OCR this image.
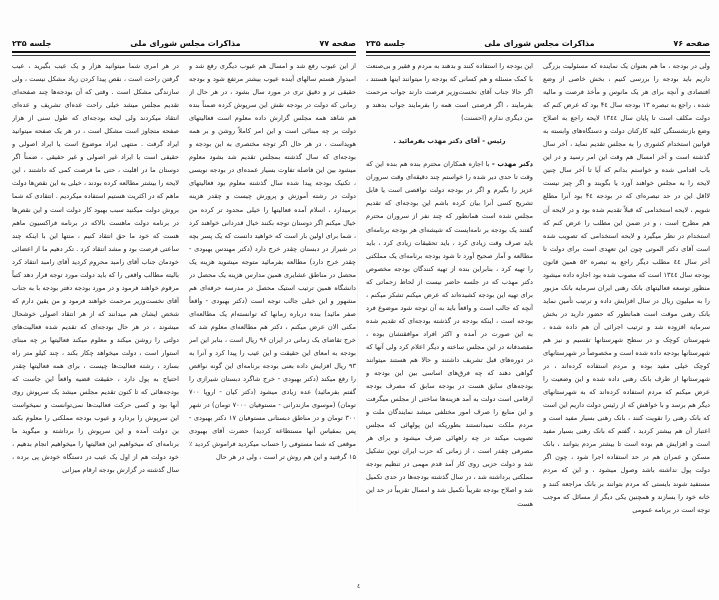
صفحه ۷۷
مذاکرات مجلس شورای ملی
جلسه ۲۳۵

از این عیوب رفع شد و امسال هم عیوب دیگری رفع شد و امیدوار هستم سالهای آینده عیوب بیشتر مرتفع شود و بودجه حقیقی تر و دقیق تری در مورد سال بشود ، در هر حال از زمانی که دولت در بودجه نقش این سرپوش کرده ضمناً بنده هم شاهد همه مجلس گزارش داده معلوم است فعالیتهای دولت بر چه مبنائی است و این امر کاملاً روشن و بر همه هویداست ، در هر حال اگر توجه مختصری به این بودجه و بودجه‌ای که سال گذشته بمجلس تقدیم شد بشود معلوم میشود بین این فاصله تفاوت بسیار عمده‌ای در بودجه نویسی ، تکنیک بودجه پیدا شده سال گذشته معلوم بود فعالیتهای دولت در رشته آموزش و پرورش چیست و چقدر هزینه برمیدارد ، اسلام آمده فعالیتها را خیلی محدود تر کرده من خیال میکنم اگر دوستان توجه بکنند خیال قدردانی خواهند کرد ، شما برای اولین بار است که خواهید دانست که یک پسر بچه در شیراز در دبستان چقدر خرج دارد (دکتر مهندس بهبودی - چقدر خرج دارد) مطالعه بفرمائید متوجه میشوید هزینه یک محصل در مناطق عشایری همین مدارس هزینه یک محصل در دانشگاه همین ترتیب استیک محصل در مدرسه حرفه‌ای هم مشهور و این خیلی جالب توجه است (دکتر بهبودی - واقعاً صفر مائید) بنده درباره زمانها که توانسته‌ام یک مطالعه‌ای مکنی الان عرض میکنم ، دکتر هم مطالعه‌ای معلوم شد که خرج تقاضای یک زمانی در ایران ۹۶ ریال است ، بنابر این امر بودجه به امعای این حقیقت و این عیب را پیدا کرد و آنرا به ۹۳ ریال افزایش داده بعنی بودجه برنامه‌ای این گونه نواقص را رفع میکند (دکتر بهبودی - خرج شاگرد دبستان شیرازی را گفتم بفرمائید) عده زیادی میشود (دکتر کیان - اروپا ۷۰۰ تومان) (موسوی مازندرانی - مستوفیان ۷۰۰۰ تومان) در شهر ۳۰۰ تومان و در مناطق دبستانی مستوفیان ۱۷ دکتر بهبودی - پس بمقیاس آنها مستطاعه کردید) حضرت آقای بهبودی موقعی که شما مستوفی را حساب میکردید فراموش کردید ٪ ۱۵ گرفتید و این هم روش تر است ، ولی در هر حال

در هر امری شما میتوانید هزار و یک عیب بگیرید ، عیب گرفتن راحت است ، نقص پیدا کردن زیاد مشکل نیست ، ولی سازندگی مشکل است . وقتی که آن بودجه‌ها چند صفحه‌ای تقدیم مجلس میشد خیلی راحت عده‌ای تشریف و عده‌ای انتقاد میکردند ولی لیحه بودجه‌ای که طول سنی از هزار صفحه متجاوز است مشکل است ، در هر یک صفحه میتوانید ایراد گرفت . منتهی ایراد موضوع است یا ایراد اصولی و حقیقی است یا ایراد غیر اصولی و غیر حقیقی ، ضمناً اگر دوستان ما در اقلیت ، حتی ما فرصت کمی که داشتند ، این لایحه را بیشتر مطالعه کرده بودند ، خیلی به این نقص‌ها دولت ماهم که در اکثریت هستیم استفاده میکردیم . انتقادی که شما بروش دولت میکنید سبب بهبود کار دولت است و این نقص‌ها در برنامه دولت ماهست بالاکه در برنامه فراکسیون ماهم هست که خود ما حق انتقاد کنیم ، منتها این با اینکه چند ساعتی فرصت بود و مشد انتقاد کرد . تکر دهیم ما از اعضائی خودمان جناب آقای رامبد محروم کردید آقای رامبد انتقاد کرد بالیته مطالب واقعی را که باید دولت مورد توجه قرار دهد کتباً مرقوم خواهند فرمود و در مورد بودجه دفتر بودجه با به جناب آقای نخست‌وزیر مرحمت خواهند فرمود و من یقین دارم که شخص ایشان هم میدانند که از هر انتقاد اصولی خوشحال میشوند ، در هر حال بودجه‌ای که تقدیم شده فعالیت‌های دولتی را روشن میکند و معلوم میکند فعالیتها بر چه مبنای استوار است ، دولت میخواهد چکار بکند ، چند کیلو متر راه بسازد ، رشته فعالیت‌ها چیست ، برای همه فعالیتها چقدر احتیاج به پول دارد ، حقیقت قضیه واقعاً این جاست که بودجه‌هائی که تا کنون تقدیم مجلس میشد یک سرپوش روی آنها بود و کسی حرکت فعالیت‌ها نمی‌توانست و نمیخواست این سرپوش را بردارد و عیوب بودجه مملکتی را معلوم بکند بن دولت آمده و این سرپوش را برداشته و میگوید ما برنامه‌ای که میخواهیم این فعالیتها را میخواهیم انجام بدهیم ، خود دولت هم از اول یک عیب در دستگاه خودش پی برده ، سال گذشته در گزارش بودجه ارقام میزانی

صفحه ۷۶
مذاکرات مجلس شورای ملی
جلسه ۲۳۵

ولی در بودجه ، ما هم بعنوان یک نماینده که مسئولیت بزرگی داریم باید بودجه را بررسی کنیم ، بخش خاصی از وضع افتصادی و آنچه برای هر یک مانوس و مأخذ فرصت و مالیه شده ، راجع به تبصره ۱۳ بودجه سال ۴٤ بود که عرض کنم که دولت مکلف است تا پایان سال ۱۳٤٤ لایحه راجع به اصلاح وضع بازنشستگی کلیه کارکنان دولت و دستگاه‌های وابسته به قوانین استخدام کشوری را به مجلس تقدیم نماید ، آخر سال گذشته است و آخر امسال هم وقت این امر رسید و در این باب اقدامی شده و خواستم بدانم که آیا تا آخر سال چنین لایحه را به مجلس خواهند آورد یا بگویند و اگر چیز نیست لااقل این در حد تبصره‌ای که در بودجه ۴٤ بود آنرا مطلع شویم ، لایحه استخدامی که قبلاً تقدیم شده بود و در لایحه آن هم مطرح است ، و در ضمن این مطلب را عرض کنم که استخدام در نظر میگیرد و لایحه استخدامی که تصویب شده است آقای دکتر الموتی چون این تعهدی است برای دولت تا آخر سال ٤٤ مطلب دیگر راجع به تبصره ۵۲ همین قانون بودجه سال ۱۳٤٤ است که مصوب شده بود اجازه داده میشود منظور توسعه فعالیتهای بانک رهنی ایران سرمایه بانک مزبور را به میلیون ریال در سال افزایش داده و ترتیب تأمین نماید بانک رهنی موقت است همانطور که حضور دارید در بخش سرمایه افزوده شد و ترتیب اجرائی آن هم داده شده ، شهرستان کوچک و در سطح شهرستانها تقسیم و نیز هم شهرستانها بودجه داده شده است و مخصوصاً در شهرستانهای کوچک خیلی مفید بوده و مردم استفاده کرده‌اند ، در شهرستانها از طرف بانک رهنی داده شده و این وضعیت را عرض میکنم که مردم استفاده کرده‌اند که به شهرستانهای دیگر هم برسد و با خواهش که از رئیس دولت داریم این است که بانک رهنی را تقویت کنند ، بانک رهنی بسیار مفید است و اعتبار آن هم بیشتر کردید ، گفتم که بانک رهنی بسیار مفید است و افزایش هم بوده است تا بیشتر مردم بتوانند ، بانک مسکن و عمران هم در حد استفاده اجرا شود ، چون اگر دولت پول نداشته باشد وصول میشود ، و این که مردم مستفید شوند بایستی که مردم بتوانند بر بانک مراجعه کنند و خانه خود را بسازند و همچنین یکی دیگر از مسائل که موجب توجه است در برنامه عمومی

این بودجه را استفاده کنند و بدهند به مردم و فقیر و بی‌صنعت با کمک مسئله و هم کسانی که بودجه را میتوانند اینها هستند ، اگر حالا جناب آقای نخست‌وزیر فرصت دارند جواب مرحمت بفرمایند ، اگر فرصتی است همه را بفرمایند جواب بدهند و من دیگری ندارم (احسنت)

رئیس - آقای دکتر مهذب بفرمائید .

دکتر مهذب - با اجازه همکاران محترم بنده هم بنده این که وقت تا حدی دیر شده را خواستم چند دقیقه‌ای وقت سروران عزیز را بگیرم و اگر در بودجه دولت نواقصی است یا قابل تشریح کسی آنرا بیان کرده باشم این بودجه‌ای که تقدیم مجلس شده است همانطور که چند نفر از سروران محترم گفتند یک بودجه بر نامه‌ایست که شیشه‌ای هر بودجه برنامه‌ای باید صرف وقت زیادی کرد ، باید تحقیقات زیادی کرد ، باید مطالعه و آمار صحیح آورد تا شود بودجه برنامه‌ای یک مملکتی را تهیه کرد ، بنابراین بنده از تهیه کنندگان بودجه مخصوص دکتر مهذب که در جلسه حاضر نیست از لحاظ زحماتی که برای تهیه این بودجه کشیده‌اند که عرض میکنم تشکر میکنم ، آنچه که جالب است و واقعاً باید به آن توجه شود موضوع فرد بودجه است ، اینکه بودجه در گذشته بودجه‌ای که تقدیم شده به این صورت در آمده و اکثر افراد موافقتشان بوده ، مقصدفانه در این مجلس ساخته و دیگر اعلام کرد ولی آنها که در دوره‌های قبل تشریف داشتند و حالا هم هستند میتوانند گواهی دهند که چه فرق‌های اساسی بین این بودجه و بودجه‌های سابق هست در بودجه سابق که مصرف بودجه ارقامی است دولت به آمد هزینه‌ها ساختی از مجلس میگرفت و این منابع را صرف امور مختلفی میشد نمایندگان ملت و مردم ملکت نمیدانستند بطوریکه این پولهائی که مجلس تصویب میکند در چه راههائی صرف میشود و برای هر مصرفی چقدر است ، از زمانی که حزب ایران نوین تشکیل شد و دولت حزبی روی کار آمد قدم مهمی در تنظیم بودجه مملکتی برداشته شد ، در سال گذشته بودجه‌ها در حدی تکمیل شد و اصلاح بودجه تقریباً تکمیل شد و امسال تقریباً در حد این هست

٤
